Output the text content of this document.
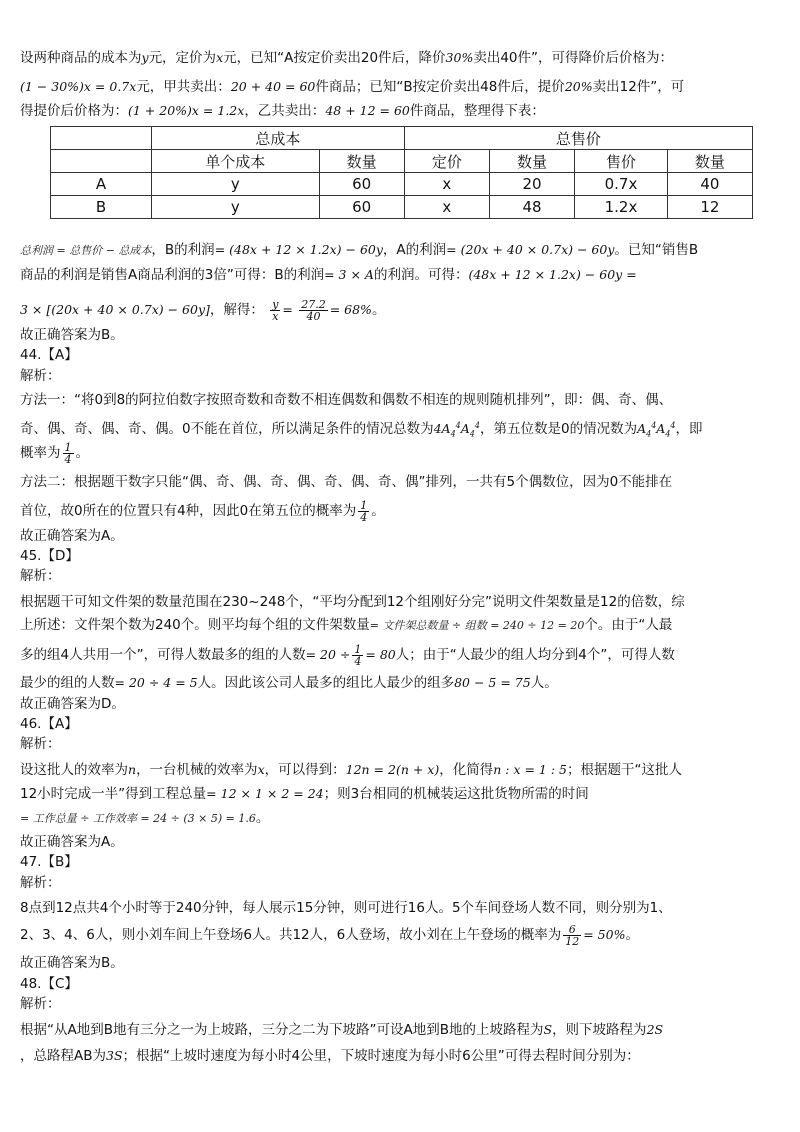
设两种商品的成本为y元，定价为x元，已知“A按定价卖出20件后，降价30%卖出40件”，可得降价后价格为：
(1 − 30%)x = 0.7x元，甲共卖出：20 + 40 = 60件商品；已知“B按定价卖出48件后，提价20%卖出12件”，可
得提价后价格为：(1 + 20%)x = 1.2x，乙共卖出：48 + 12 = 60件商品，整理得下表：
	总成本		总售价			
	单个成本	数量	定价	数量	售价	数量
A	y	60	x	20	0.7x	40
B	y	60	x	48	1.2x	12
总利润 = 总售价 − 总成本，B的利润= (48x + 12 × 1.2x) − 60y，A的利润= (20x + 40 × 0.7x) − 60y。已知“销售B
商品的利润是销售A商品利润的3倍”可得：B的利润= 3 × A的利润。可得：(48x + 12 × 1.2x) − 60y =
3 × [(20x + 40 × 0.7x) − 60y]，解得： $\frac{y}{x} = \frac{27.2}{40} = 68\%$。
故正确答案为B。
44.【A】
解析：
方法一：“将0到8的阿拉伯数字按照奇数和奇数不相连偶数和偶数不相连的规则随机排列”，即：偶、奇、偶、
奇、偶、奇、偶、奇、偶。0不能在首位，所以满足条件的情况总数为$4A_4^4A_4^4$，第五位数是0的情况数为$A_4^4A_4^4$，即
概率为 $\frac{1}{4}$ 。
方法二：根据题干数字只能“偶、奇、偶、奇、偶、奇、偶、奇、偶”排列，一共有5个偶数位，因为0不能排在
首位，故0所在的位置只有4种，因此0在第五位的概率为 $\frac{1}{4}$ 。
故正确答案为A。
45.【D】
解析：
根据题干可知文件架的数量范围在230~248个，“平均分配到12个组刚好分完”说明文件架数量是12的倍数，综
上所述：文件架个数为240个。则平均每个组的文件架数量= 文件架总数量 ÷ 组数 = 240 ÷ 12 = 20个。由于“人最
多的组4人共用一个”，可得人数最多的组的人数= $20 \div \frac{1}{4} = 80$人；由于“人最少的组人均分到4个”，可得人数
最少的组的人数= 20 ÷ 4 = 5人。因此该公司人最多的组比人最少的组多80 − 5 = 75人。
故正确答案为D。
46.【A】
解析：
设这批人的效率为n，一台机械的效率为x，可以得到：12n = 2(n + x)，化简得n : x = 1 : 5；根据题干“这批人
12小时完成一半”得到工程总量= 12 × 1 × 2 = 24；则3台相同的机械装运这批货物所需的时间
= 工作总量 ÷ 工作效率 = 24 ÷ (3 × 5) = 1.6。
故正确答案为A。
47.【B】
解析：
8点到12点共4个小时等于240分钟，每人展示15分钟，则可进行16人。5个车间登场人数不同，则分别为1、
2、3、4、6人，则小刘车间上午登场6人。共12人，6人登场，故小刘在上午登场的概率为 $\frac{6}{12} = 50\%$。
故正确答案为B。
48.【C】
解析：
根据“从A地到B地有三分之一为上坡路，三分之二为下坡路”可设A地到B地的上坡路程为S，则下坡路程为2S
，总路程AB为3S；根据“上坡时速度为每小时4公里，下坡时速度为每小时6公里”可得去程时间分别为：
